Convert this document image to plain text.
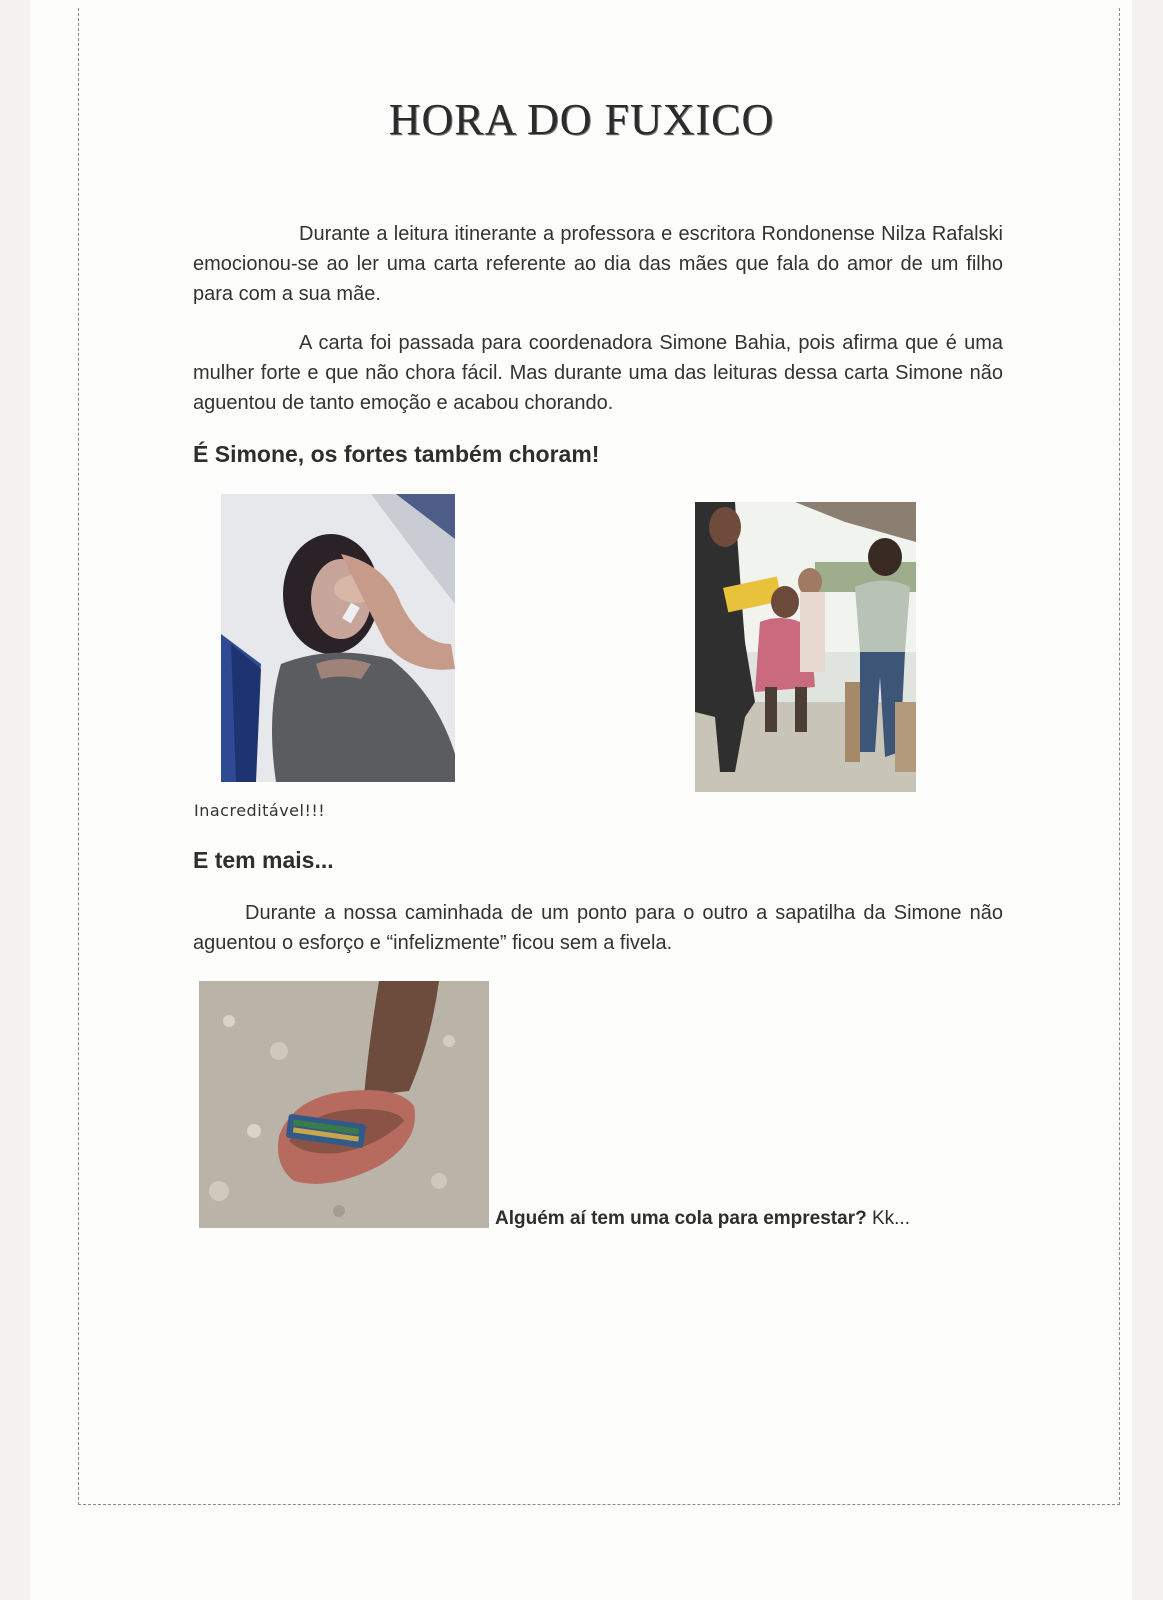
HORA DO FUXICO

Durante a leitura itinerante a professora e escritora Rondonense Nilza Rafalski emocionou-se ao ler uma carta referente ao dia das mães que fala do amor de um filho para com a sua mãe.

A carta foi passada para coordenadora Simone Bahia, pois afirma que é uma mulher forte e que não chora fácil. Mas durante uma das leituras dessa carta Simone não aguentou de tanto emoção e acabou chorando.

É Simone, os fortes também choram!
Inacreditável!!!
E tem mais...

Durante a nossa caminhada de um ponto para o outro a sapatilha da Simone não aguentou o esforço e “infelizmente” ficou sem a fivela.

Alguém aí tem uma cola para emprestar? Kk...
